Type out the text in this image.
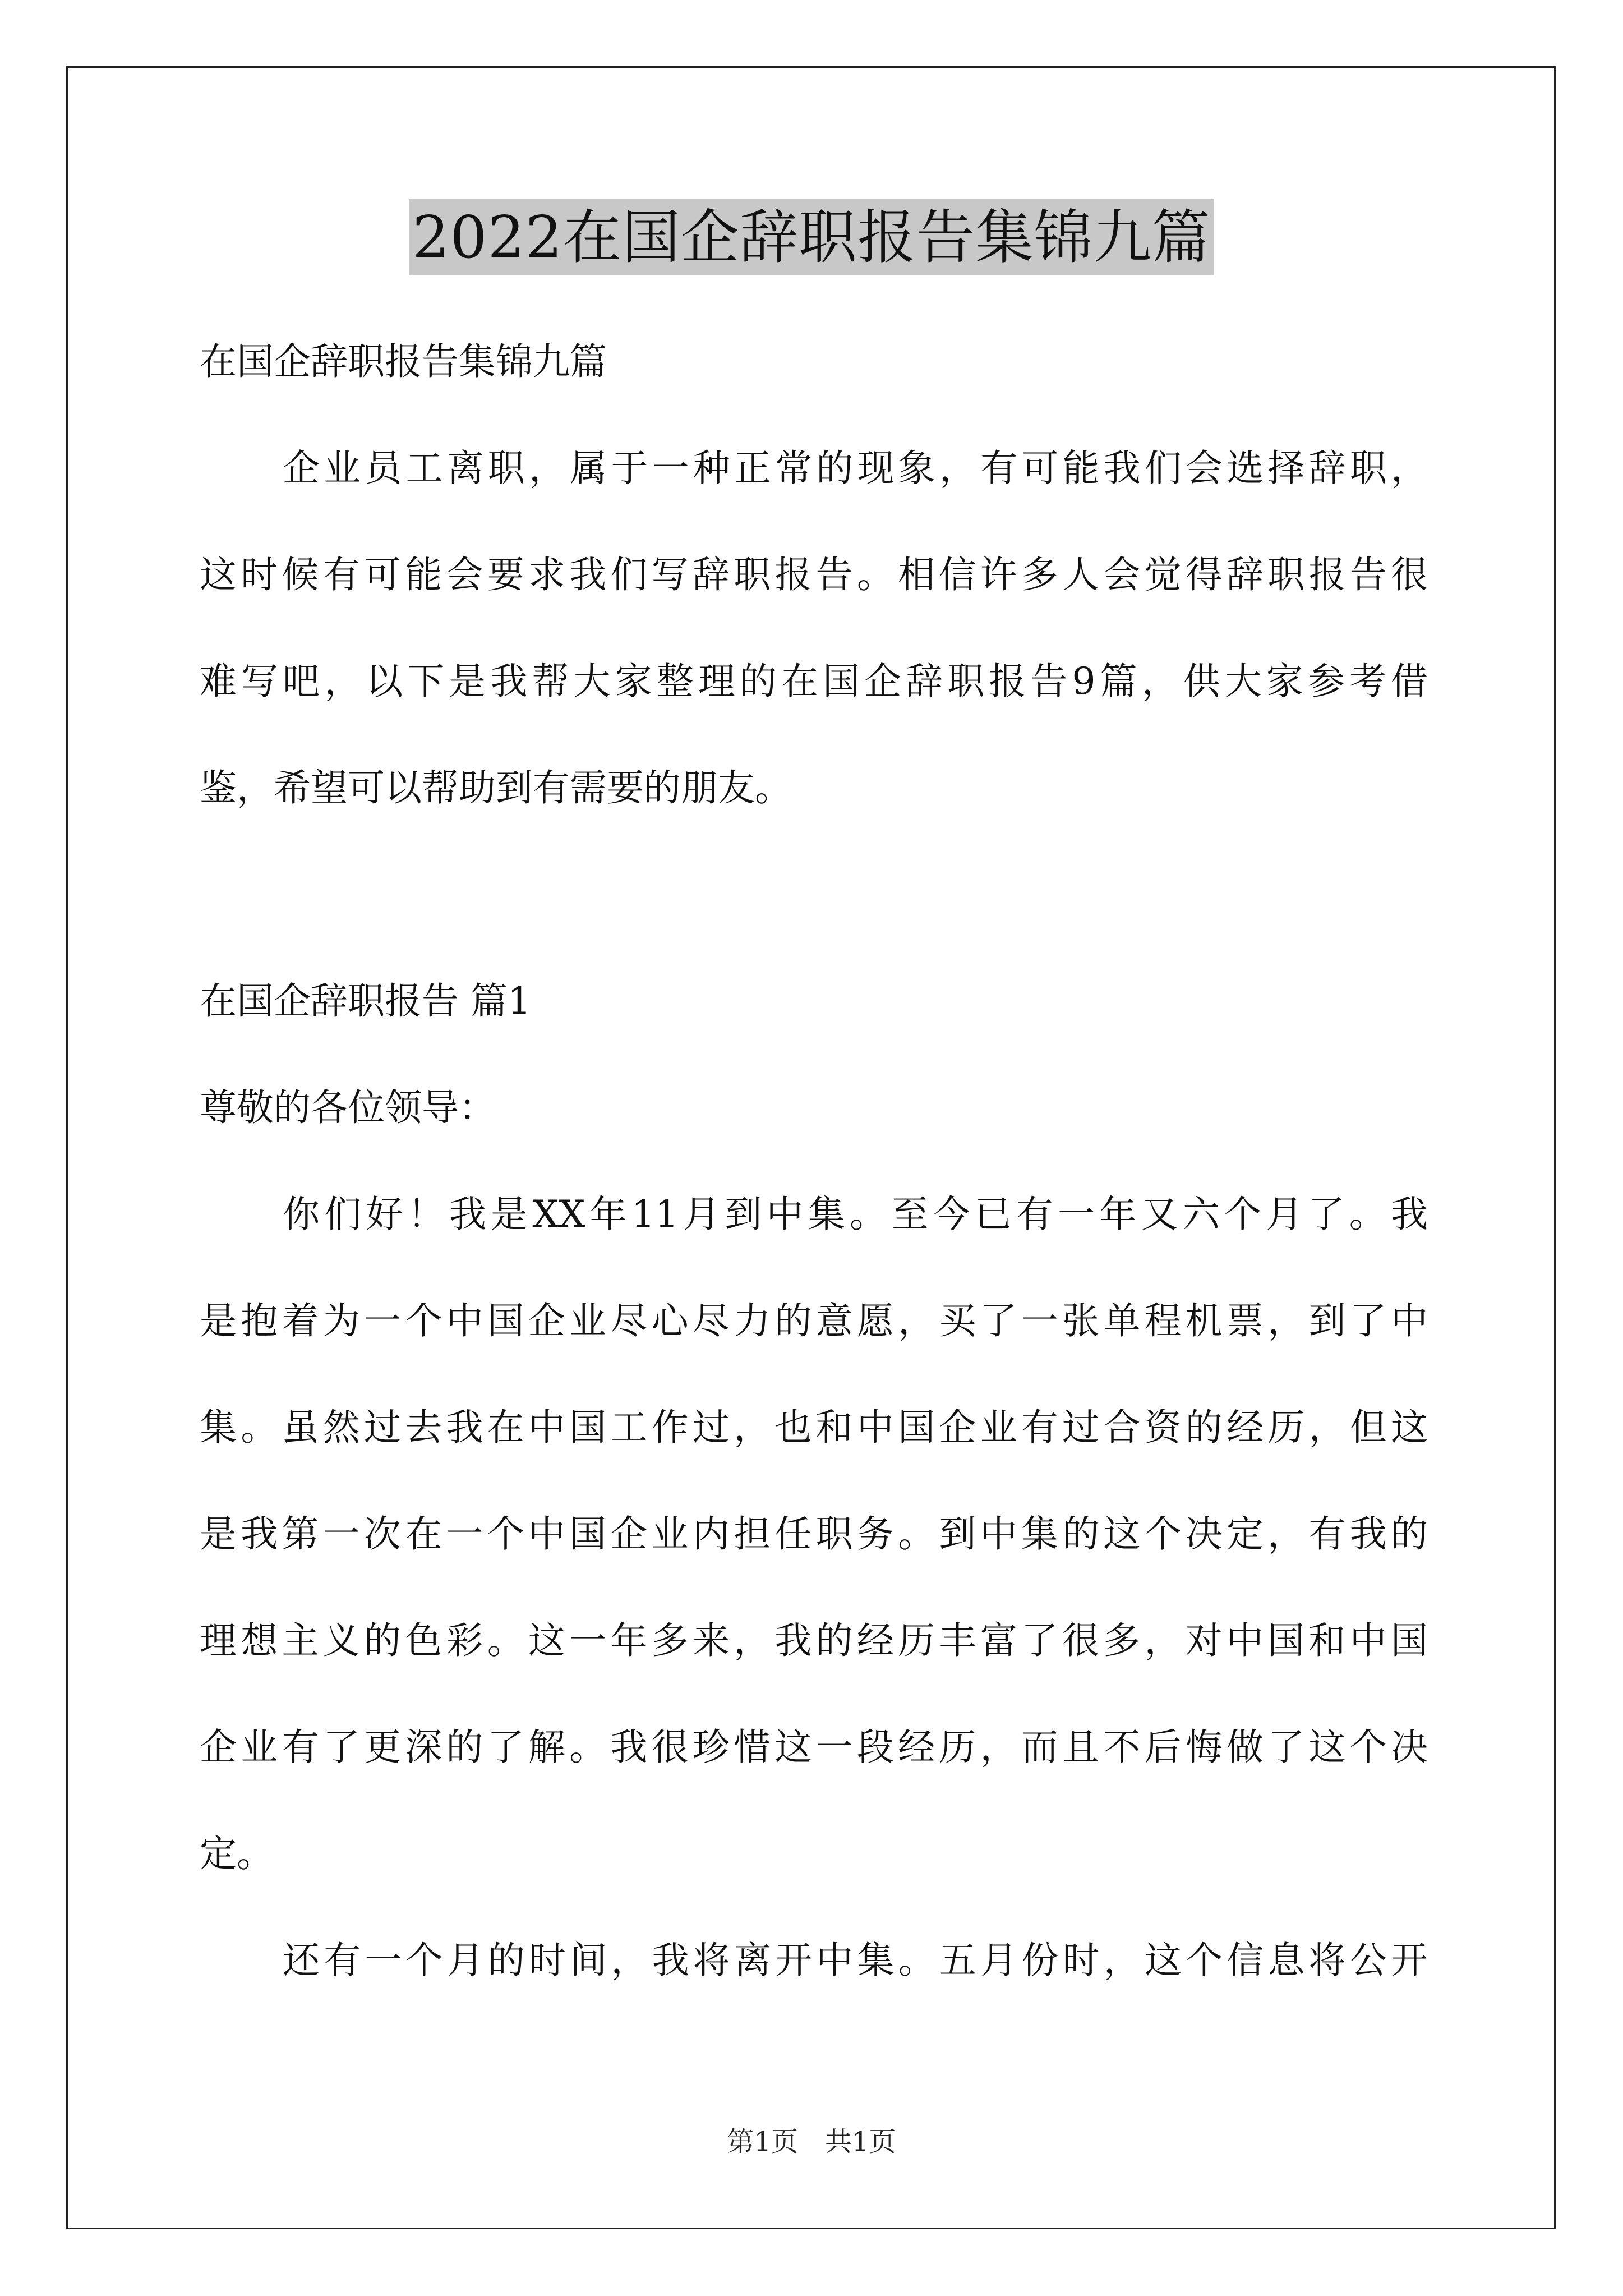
2022在国企辞职报告集锦九篇
在国企辞职报告集锦九篇
企业员工离职，属于一种正常的现象，有可能我们会选择辞职，
这时候有可能会要求我们写辞职报告。相信许多人会觉得辞职报告很
难写吧，以下是我帮大家整理的在国企辞职报告9篇，供大家参考借
鉴，希望可以帮助到有需要的朋友。
在国企辞职报告 篇1
尊敬的各位领导：
你们好！我是XX年11月到中集。至今已有一年又六个月了。我
是抱着为一个中国企业尽心尽力的意愿，买了一张单程机票，到了中
集。虽然过去我在中国工作过，也和中国企业有过合资的经历，但这
是我第一次在一个中国企业内担任职务。到中集的这个决定，有我的
理想主义的色彩。这一年多来，我的经历丰富了很多，对中国和中国
企业有了更深的了解。我很珍惜这一段经历，而且不后悔做了这个决
定。
还有一个月的时间，我将离开中集。五月份时，这个信息将公开
第1页　共1页
